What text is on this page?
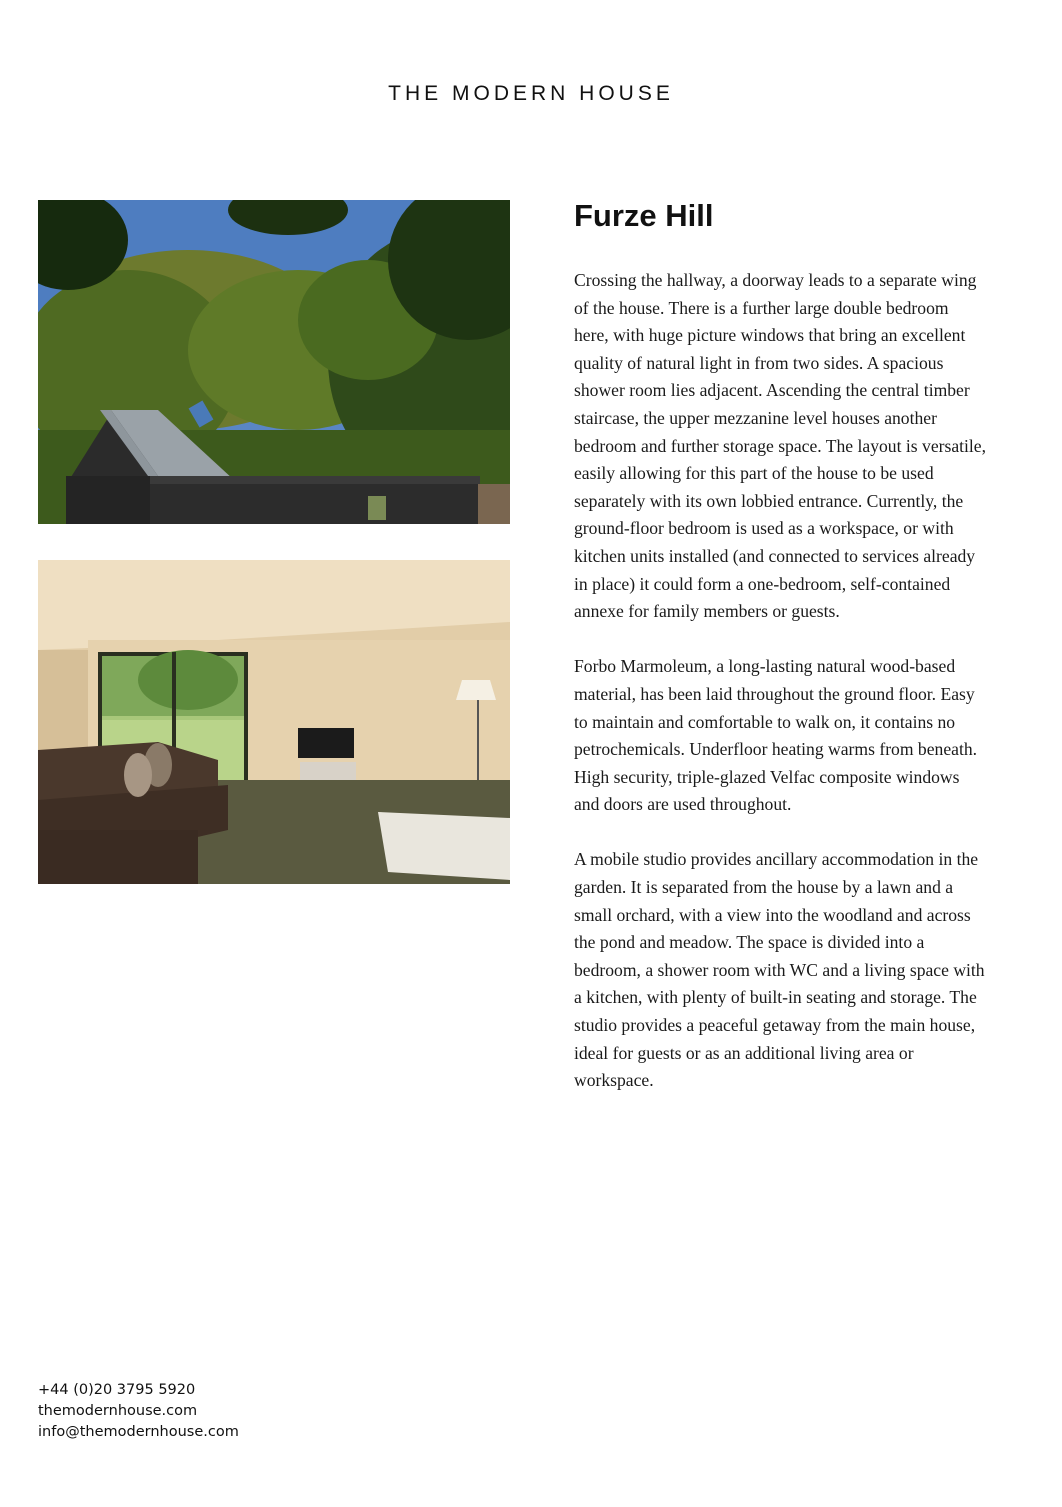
THE MODERN HOUSE
Furze Hill

Crossing the hallway, a doorway leads to a separate wing of the house. There is a further large double bedroom here, with huge picture windows that bring an excellent quality of natural light in from two sides. A spacious shower room lies adjacent. Ascending the central timber staircase, the upper mezzanine level houses another bedroom and further storage space. The layout is versatile, easily allowing for this part of the house to be used separately with its own lobbied entrance. Currently, the ground-floor bedroom is used as a workspace, or with kitchen units installed (and connected to services already in place) it could form a one-bedroom, self-contained annexe for family members or guests.

Forbo Marmoleum, a long-lasting natural wood-based material, has been laid throughout the ground floor. Easy to maintain and comfortable to walk on, it contains no petrochemicals. Underfloor heating warms from beneath. High security, triple-glazed Velfac composite windows and doors are used throughout.

A mobile studio provides ancillary accommodation in the garden. It is separated from the house by a lawn and a small orchard, with a view into the woodland and across the pond and meadow. The space is divided into a bedroom, a shower room with WC and a living space with a kitchen, with plenty of built-in seating and storage. The studio provides a peaceful getaway from the main house, ideal for guests or as an additional living area or workspace.

+44 (0)20 3795 5920
themodernhouse.com
info@themodernhouse.com
